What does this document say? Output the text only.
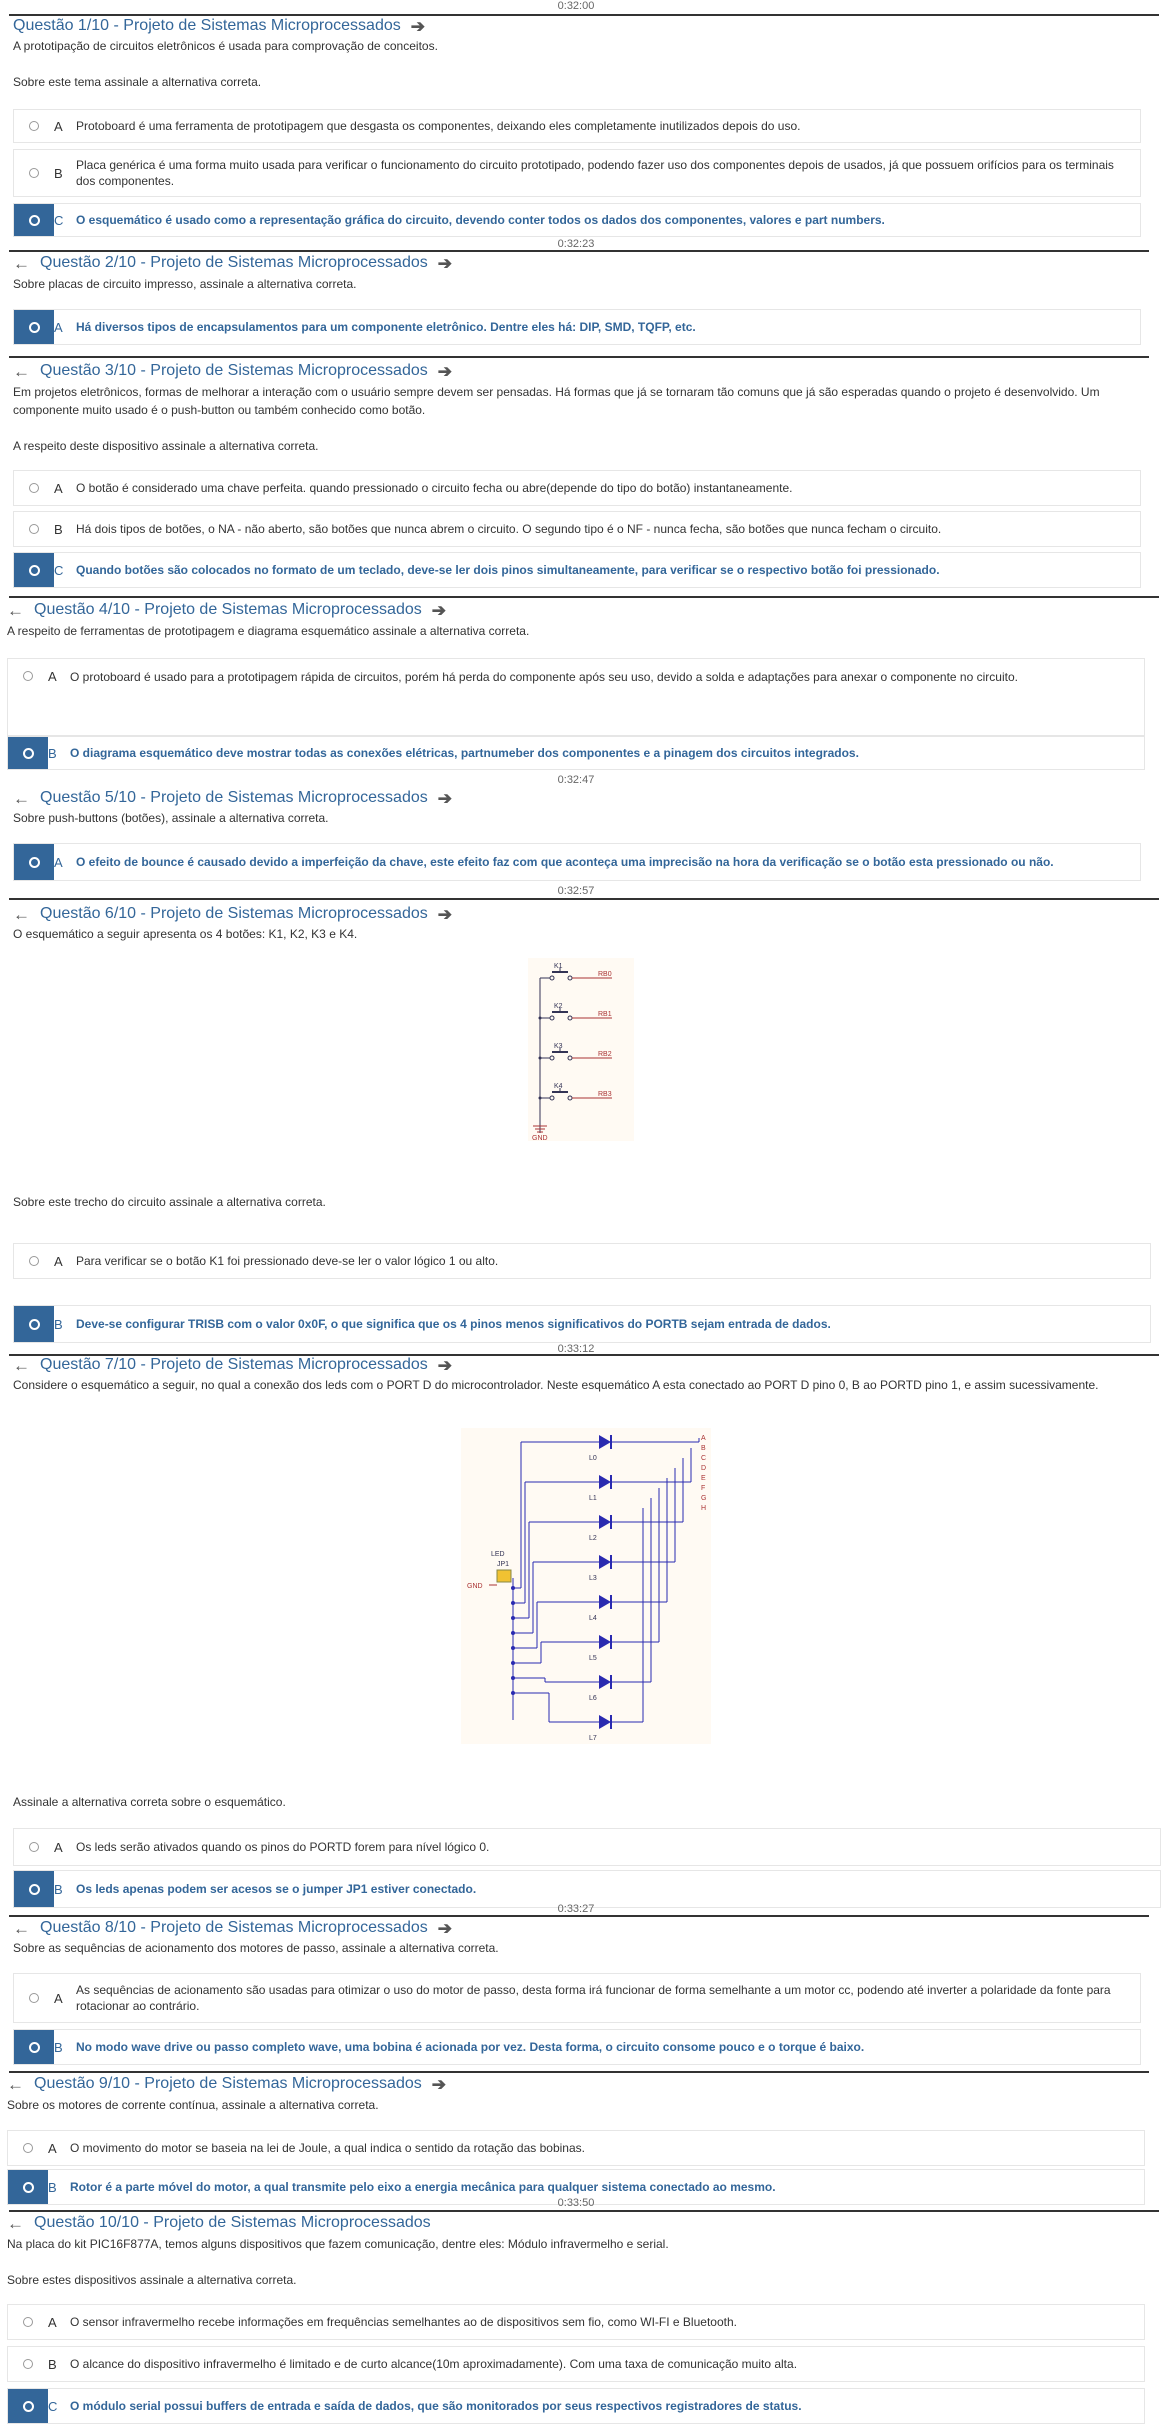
0:32:00
Questão 1/10 - Projeto de Sistemas Microprocessados ➔
A prototipação de circuitos eletrônicos é usada para comprovação de conceitos.

Sobre este tema assinale a alternativa correta.
A	Protoboard é uma ferramenta de prototipagem que desgasta os componentes, deixando eles completamente inutilizados depois do uso.
B
Placa genérica é uma forma muito usada para verificar o funcionamento do circuito prototipado, podendo fazer uso dos componentes depois de usados, já que possuem orifícios para os terminais dos componentes.
C	O esquemático é usado como a representação gráfica do circuito, devendo conter todos os dados dos componentes, valores e part numbers.
0:32:23
← Questão 2/10 - Projeto de Sistemas Microprocessados ➔
Sobre placas de circuito impresso, assinale a alternativa correta.
A	Há diversos tipos de encapsulamentos para um componente eletrônico. Dentre eles há: DIP, SMD, TQFP, etc.
← Questão 3/10 - Projeto de Sistemas Microprocessados ➔
Em projetos eletrônicos, formas de melhorar a interação com o usuário sempre devem ser pensadas. Há formas que já se tornaram tão comuns que já são esperadas quando o projeto é desenvolvido. Um componente muito usado é o push-button ou também conhecido como botão.

A respeito deste dispositivo assinale a alternativa correta.
A	O botão é considerado uma chave perfeita. quando pressionado o circuito fecha ou abre(depende do tipo do botão) instantaneamente.
B	Há dois tipos de botões, o NA - não aberto, são botões que nunca abrem o circuito. O segundo tipo é o NF - nunca fecha, são botões que nunca fecham o circuito.
C	Quando botões são colocados no formato de um teclado, deve-se ler dois pinos simultaneamente, para verificar se o respectivo botão foi pressionado.
← Questão 4/10 - Projeto de Sistemas Microprocessados ➔
A respeito de ferramentas de prototipagem e diagrama esquemático assinale a alternativa correta.
A	O protoboard é usado para a prototipagem rápida de circuitos, porém há perda do componente após seu uso, devido a solda e adaptações para anexar o componente no circuito.
B	O diagrama esquemático deve mostrar todas as conexões elétricas, partnumeber dos componentes e a pinagem dos circuitos integrados.
0:32:47
← Questão 5/10 - Projeto de Sistemas Microprocessados ➔
Sobre push-buttons (botões), assinale a alternativa correta.
A	O efeito de bounce é causado devido a imperfeição da chave, este efeito faz com que aconteça uma imprecisão na hora da verificação se o botão esta pressionado ou não.
0:32:57
← Questão 6/10 - Projeto de Sistemas Microprocessados ➔
O esquemático a seguir apresenta os 4 botões: K1, K2, K3 e K4.
K1
RB0
K2
RB1
K3
RB2
K4
RB3
GND
Sobre este trecho do circuito assinale a alternativa correta.
A	Para verificar se o botão K1 foi pressionado deve-se ler o valor lógico 1 ou alto.
B	Deve-se configurar TRISB com o valor 0x0F, o que significa que os 4 pinos menos significativos do PORTB sejam entrada de dados.
0:33:12
← Questão 7/10 - Projeto de Sistemas Microprocessados ➔
Considere o esquemático a seguir, no qual a conexão dos leds com o PORT D do microcontrolador. Neste esquemático A esta conectado ao PORT D pino 0, B ao PORTD pino 1, e assim sucessivamente.
L0
A
L1
B
L2
C
L3
D
L4
E
L5
F
L6
G
L7
H
JP1
LED
GND
Assinale a alternativa correta sobre o esquemático.
A	Os leds serão ativados quando os pinos do PORTD forem para nível lógico 0.
B	Os leds apenas podem ser acesos se o jumper JP1 estiver conectado.
0:33:27
← Questão 8/10 - Projeto de Sistemas Microprocessados ➔
Sobre as sequências de acionamento dos motores de passo, assinale a alternativa correta.
A
As sequências de acionamento são usadas para otimizar o uso do motor de passo, desta forma irá funcionar de forma semelhante a um motor cc, podendo até inverter a polaridade da fonte para rotacionar ao contrário.
B	No modo wave drive ou passo completo wave, uma bobina é acionada por vez. Desta forma, o circuito consome pouco e o torque é baixo.
← Questão 9/10 - Projeto de Sistemas Microprocessados ➔
Sobre os motores de corrente contínua, assinale a alternativa correta.
A	O movimento do motor se baseia na lei de Joule, a qual indica o sentido da rotação das bobinas.
B	Rotor é a parte móvel do motor, a qual transmite pelo eixo a energia mecânica para qualquer sistema conectado ao mesmo.
0:33:50
← Questão 10/10 - Projeto de Sistemas Microprocessados
Na placa do kit PIC16F877A, temos alguns dispositivos que fazem comunicação, dentre eles: Módulo infravermelho e serial.

Sobre estes dispositivos assinale a alternativa correta.
A	O sensor infravermelho recebe informações em frequências semelhantes ao de dispositivos sem fio, como WI-FI e Bluetooth.
B	O alcance do dispositivo infravermelho é limitado e de curto alcance(10m aproximadamente). Com uma taxa de comunicação muito alta.
C	O módulo serial possui buffers de entrada e saída de dados, que são monitorados por seus respectivos registradores de status.
